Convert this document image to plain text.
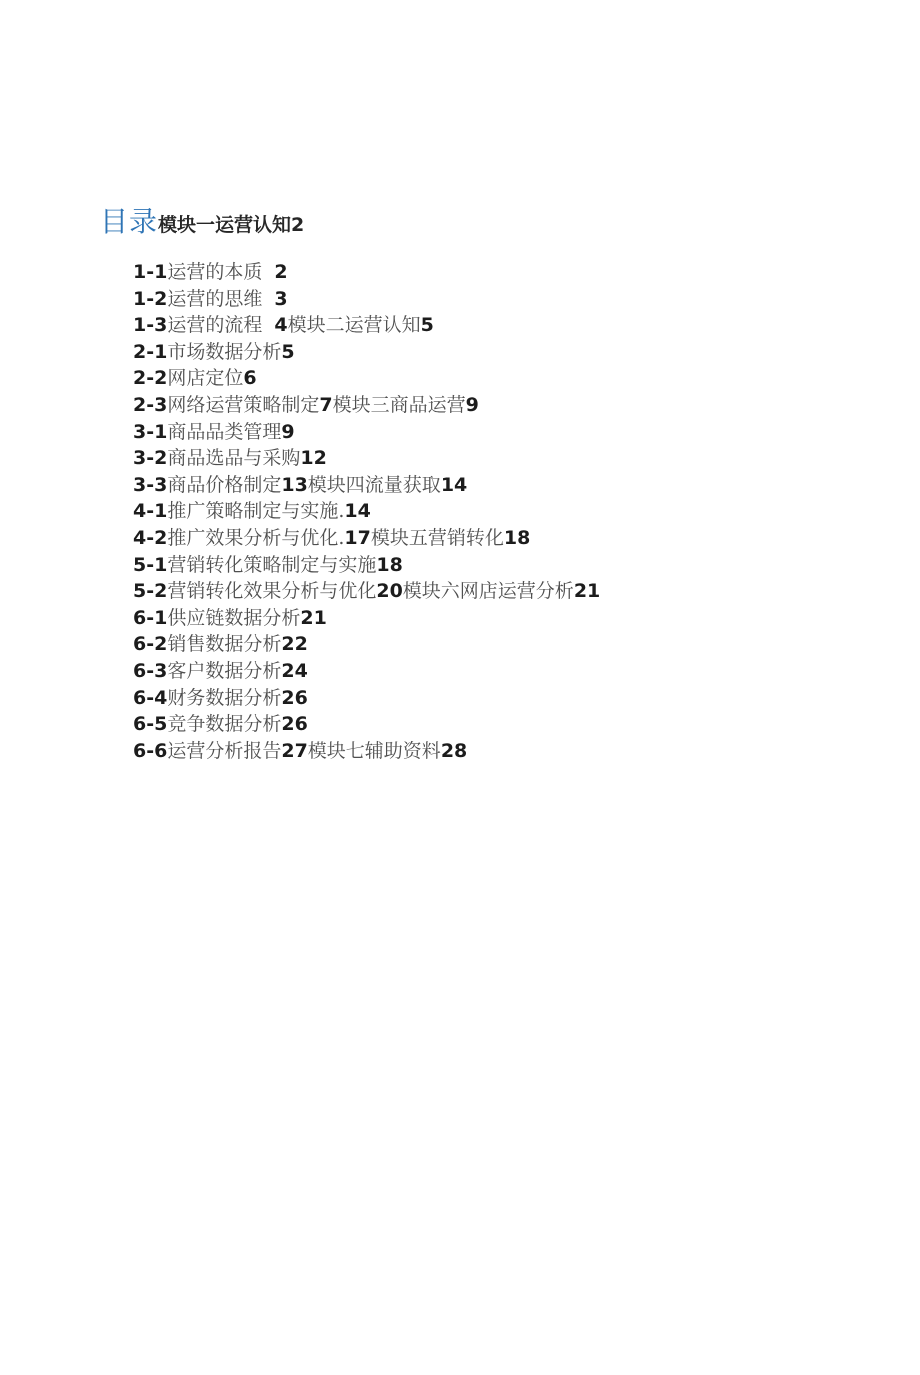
目录模块一运营认知2
1-1运营的本质  2
1-2运营的思维  3
1-3运营的流程  4模块二运营认知5
2-1市场数据分析5
2-2网店定位6
2-3网络运营策略制定7模块三商品运营9
3-1商品品类管理9
3-2商品选品与采购12
3-3商品价格制定13模块四流量获取14
4-1推广策略制定与实施.14
4-2推广效果分析与优化.17模块五营销转化18
5-1营销转化策略制定与实施18
5-2营销转化效果分析与优化20模块六网店运营分析21
6-1供应链数据分析21
6-2销售数据分析22
6-3客户数据分析24
6-4财务数据分析26
6-5竞争数据分析26
6-6运营分析报告27模块七辅助资料28
